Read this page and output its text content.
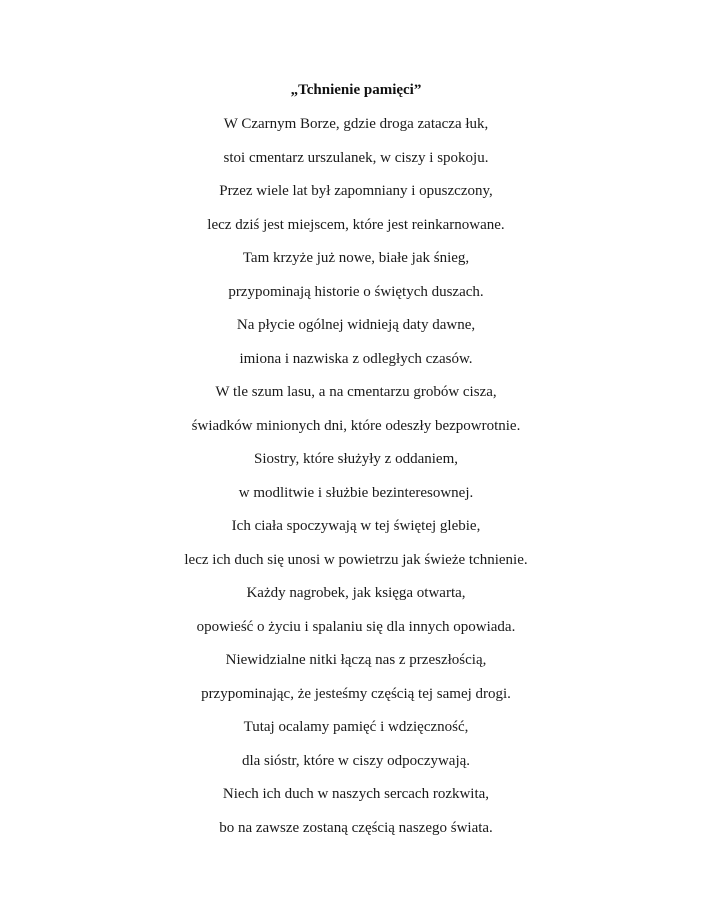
„Tchnienie pamięci”
W Czarnym Borze, gdzie droga zatacza łuk,
stoi cmentarz urszulanek, w ciszy i spokoju.
Przez wiele lat był zapomniany i opuszczony,
lecz dziś jest miejscem, które jest reinkarnowane.
Tam krzyże już nowe, białe jak śnieg,
przypominają historie o świętych duszach.
Na płycie ogólnej widnieją daty dawne,
imiona i nazwiska z odległych czasów.
W tle szum lasu, a na cmentarzu grobów cisza,
świadków minionych dni, które odeszły bezpowrotnie.
Siostry, które służyły z oddaniem,
w modlitwie i służbie bezinteresownej.
Ich ciała spoczywają w tej świętej glebie,
lecz ich duch się unosi w powietrzu jak świeże tchnienie.
Każdy nagrobek, jak księga otwarta,
opowieść o życiu i spalaniu się dla innych opowiada.
Niewidzialne nitki łączą nas z przeszłością,
przypominając, że jesteśmy częścią tej samej drogi.
Tutaj ocalamy pamięć i wdzięczność,
dla sióstr, które w ciszy odpoczywają.
Niech ich duch w naszych sercach rozkwita,
bo na zawsze zostaną częścią naszego świata.
